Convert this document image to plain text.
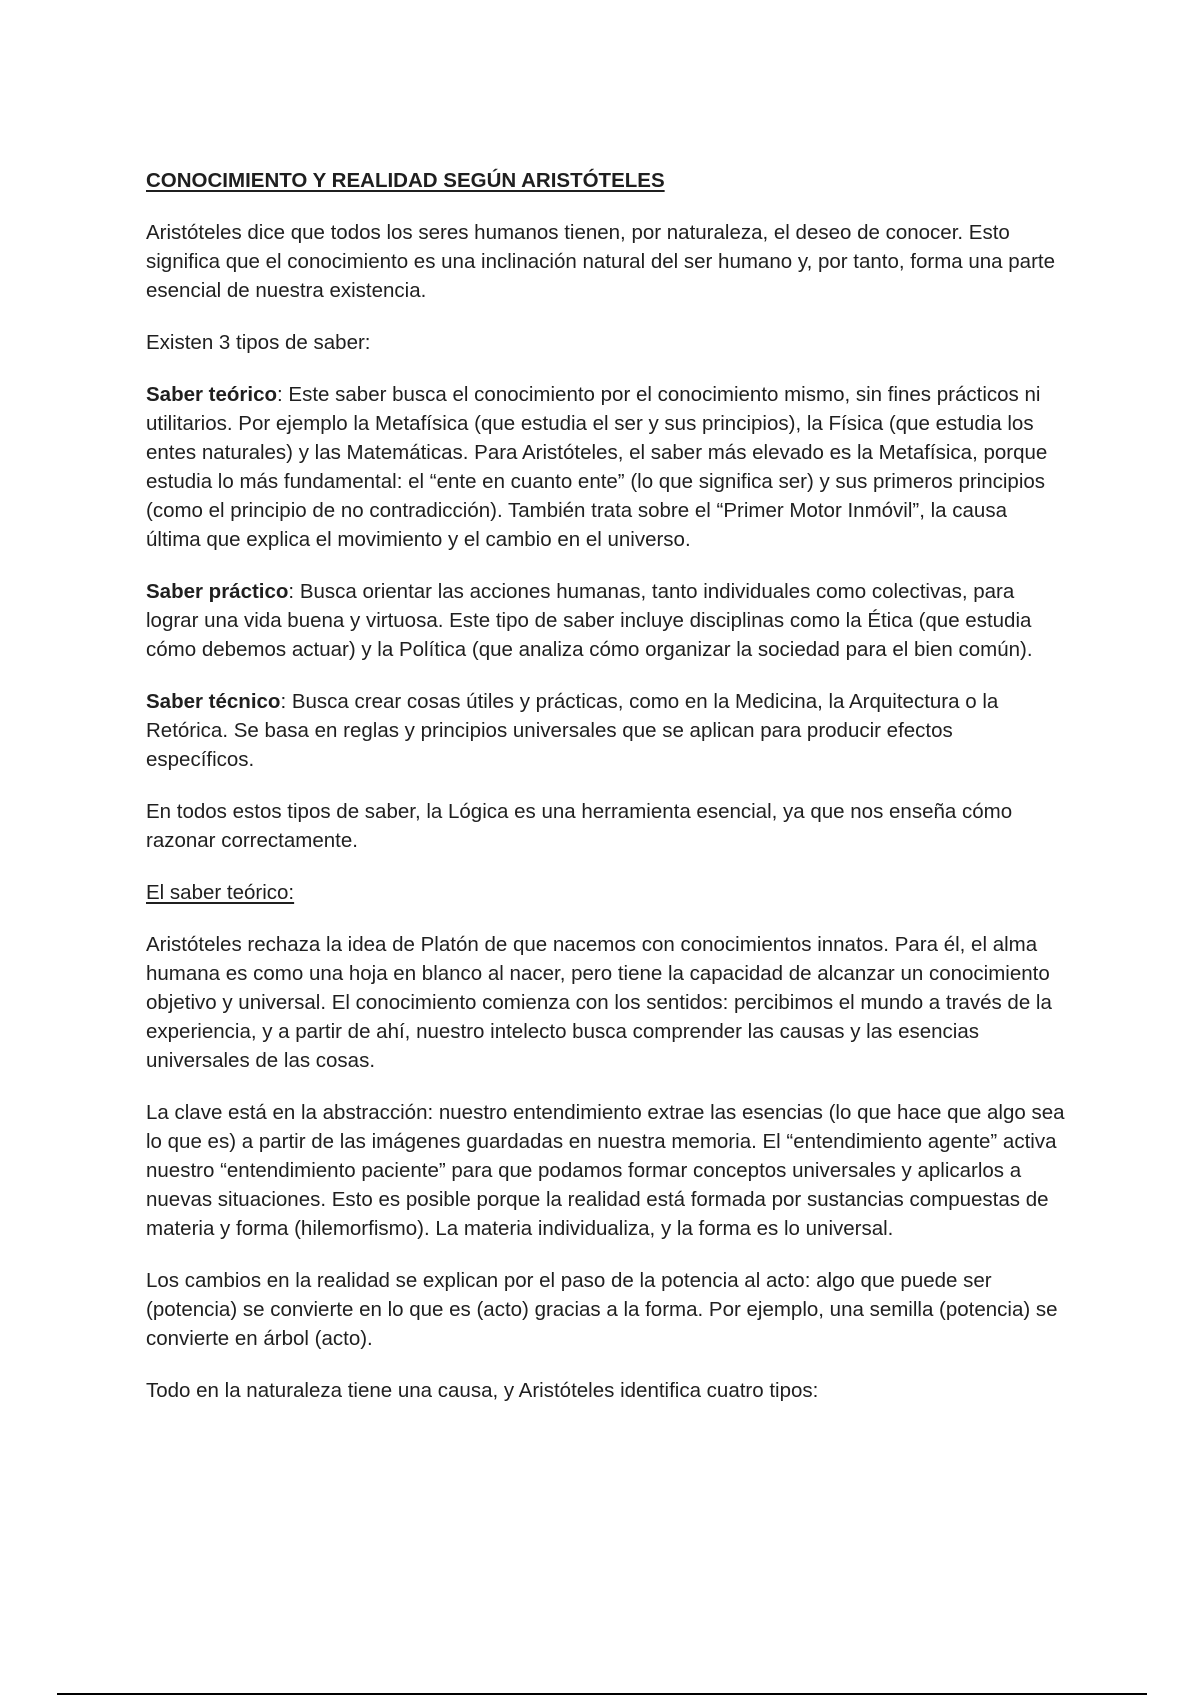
CONOCIMIENTO Y REALIDAD SEGÚN ARISTÓTELES

Aristóteles dice que todos los seres humanos tienen, por naturaleza, el deseo de conocer. Esto significa que el conocimiento es una inclinación natural del ser humano y, por tanto, forma una parte esencial de nuestra existencia.

Existen 3 tipos de saber:

Saber teórico: Este saber busca el conocimiento por el conocimiento mismo, sin fines prácticos ni utilitarios. Por ejemplo la Metafísica (que estudia el ser y sus principios), la Física (que estudia los entes naturales) y las Matemáticas. Para Aristóteles, el saber más elevado es la Metafísica, porque estudia lo más fundamental: el “ente en cuanto ente” (lo que significa ser) y sus primeros principios (como el principio de no contradicción). También trata sobre el “Primer Motor Inmóvil”, la causa última que explica el movimiento y el cambio en el universo.

Saber práctico: Busca orientar las acciones humanas, tanto individuales como colectivas, para lograr una vida buena y virtuosa. Este tipo de saber incluye disciplinas como la Ética (que estudia cómo debemos actuar) y la Política (que analiza cómo organizar la sociedad para el bien común).

Saber técnico: Busca crear cosas útiles y prácticas, como en la Medicina, la Arquitectura o la Retórica. Se basa en reglas y principios universales que se aplican para producir efectos específicos.

En todos estos tipos de saber, la Lógica es una herramienta esencial, ya que nos enseña cómo razonar correctamente.

El saber teórico:

Aristóteles rechaza la idea de Platón de que nacemos con conocimientos innatos. Para él, el alma humana es como una hoja en blanco al nacer, pero tiene la capacidad de alcanzar un conocimiento objetivo y universal. El conocimiento comienza con los sentidos: percibimos el mundo a través de la experiencia, y a partir de ahí, nuestro intelecto busca comprender las causas y las esencias universales de las cosas.

La clave está en la abstracción: nuestro entendimiento extrae las esencias (lo que hace que algo sea lo que es) a partir de las imágenes guardadas en nuestra memoria. El “entendimiento agente” activa nuestro “entendimiento paciente” para que podamos formar conceptos universales y aplicarlos a nuevas situaciones. Esto es posible porque la realidad está formada por sustancias compuestas de materia y forma (hilemorfismo). La materia individualiza, y la forma es lo universal.

Los cambios en la realidad se explican por el paso de la potencia al acto: algo que puede ser (potencia) se convierte en lo que es (acto) gracias a la forma. Por ejemplo, una semilla (potencia) se convierte en árbol (acto).

Todo en la naturaleza tiene una causa, y Aristóteles identifica cuatro tipos:
